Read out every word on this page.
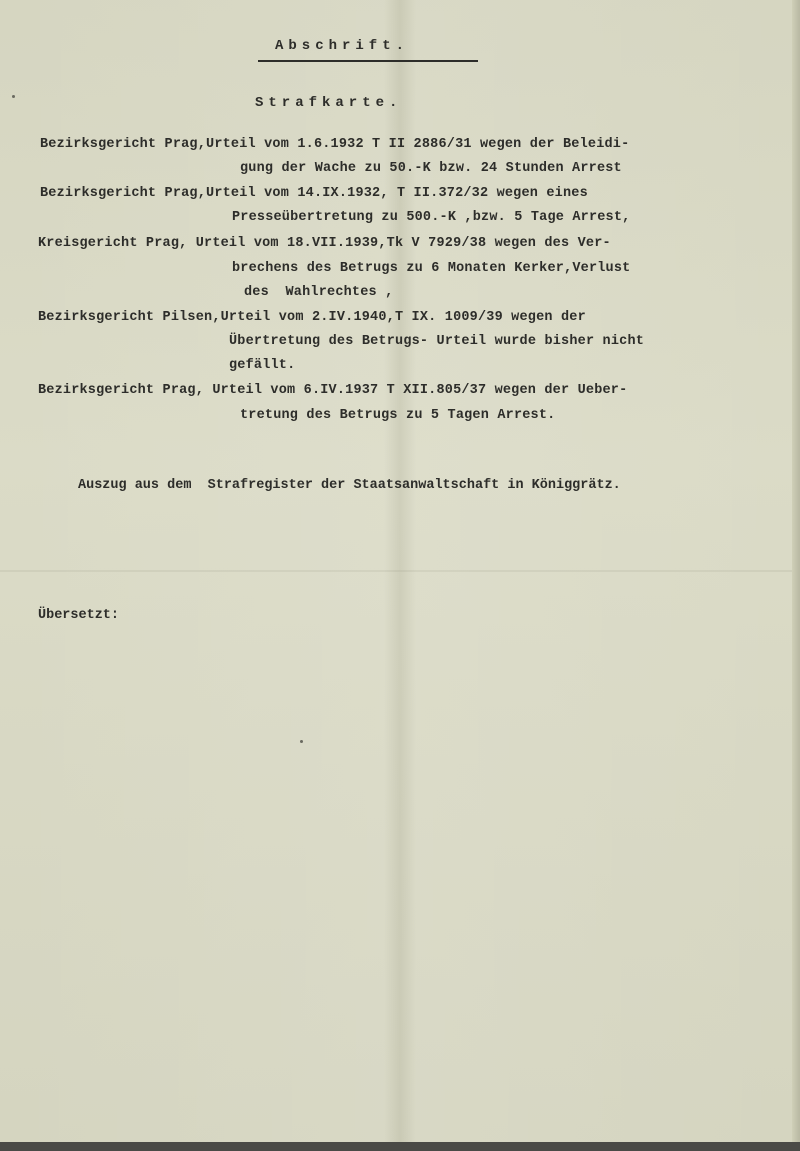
Abschrift.
Strafkarte.
Bezirksgericht Prag,Urteil vom 1.6.1932 T II 2886/31 wegen der Beleidi-
gung der Wache zu 50.-K bzw. 24 Stunden Arrest
Bezirksgericht Prag,Urteil vom 14.IX.1932, T II.372/32 wegen eines
Presseübertretung zu 500.-K ,bzw. 5 Tage Arrest,
Kreisgericht Prag, Urteil vom 18.VII.1939,Tk V 7929/38 wegen des Ver-
brechens des Betrugs zu 6 Monaten Kerker,Verlust
des  Wahlrechtes ,
Bezirksgericht Pilsen,Urteil vom 2.IV.1940,T IX. 1009/39 wegen der
Übertretung des Betrugs- Urteil wurde bisher nicht
gefällt.
Bezirksgericht Prag, Urteil vom 6.IV.1937 T XII.805/37 wegen der Ueber-
tretung des Betrugs zu 5 Tagen Arrest.
Auszug aus dem  Strafregister der Staatsanwaltschaft in Königgrätz.
Übersetzt:
